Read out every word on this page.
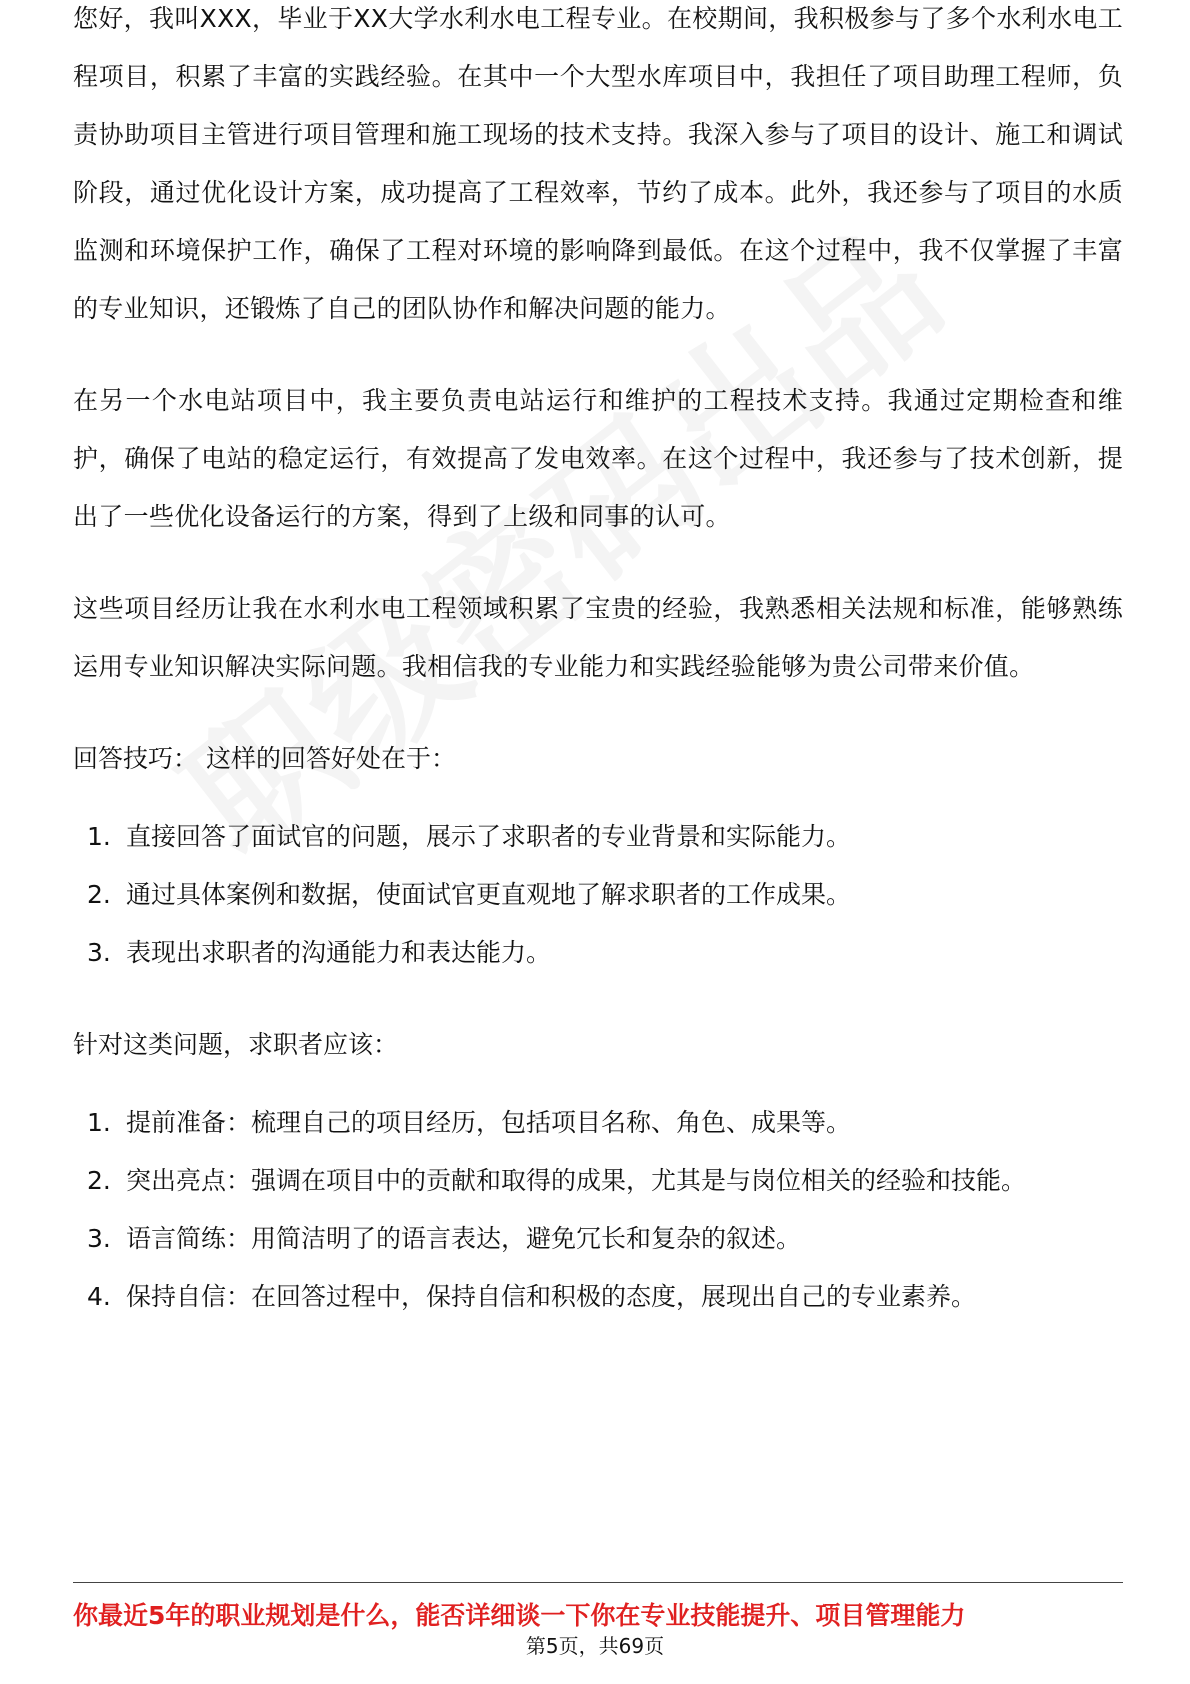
您好，我叫XXX，毕业于XX大学水利水电工程专业。在校期间，我积极参与了多个水利水电工程项目，积累了丰富的实践经验。在其中一个大型水库项目中，我担任了项目助理工程师，负责协助项目主管进行项目管理和施工现场的技术支持。我深入参与了项目的设计、施工和调试阶段，通过优化设计方案，成功提高了工程效率，节约了成本。此外，我还参与了项目的水质监测和环境保护工作，确保了工程对环境的影响降到最低。在这个过程中，我不仅掌握了丰富的专业知识，还锻炼了自己的团队协作和解决问题的能力。

在另一个水电站项目中，我主要负责电站运行和维护的工程技术支持。我通过定期检查和维护，确保了电站的稳定运行，有效提高了发电效率。在这个过程中，我还参与了技术创新，提出了一些优化设备运行的方案，得到了上级和同事的认可。

这些项目经历让我在水利水电工程领域积累了宝贵的经验，我熟悉相关法规和标准，能够熟练运用专业知识解决实际问题。我相信我的专业能力和实践经验能够为贵公司带来价值。

回答技巧： 这样的回答好处在于：

1. 直接回答了面试官的问题，展示了求职者的专业背景和实际能力。
2. 通过具体案例和数据，使面试官更直观地了解求职者的工作成果。
3. 表现出求职者的沟通能力和表达能力。

针对这类问题，求职者应该：

1. 提前准备：梳理自己的项目经历，包括项目名称、角色、成果等。
2. 突出亮点：强调在项目中的贡献和取得的成果，尤其是与岗位相关的经验和技能。
3. 语言简练：用简洁明了的语言表达，避免冗长和复杂的叙述。
4. 保持自信：在回答过程中，保持自信和积极的态度，展现出自己的专业素养。
你最近5年的职业规划是什么，能否详细谈一下你在专业技能提升、项目管理能力
第5页，共69页
